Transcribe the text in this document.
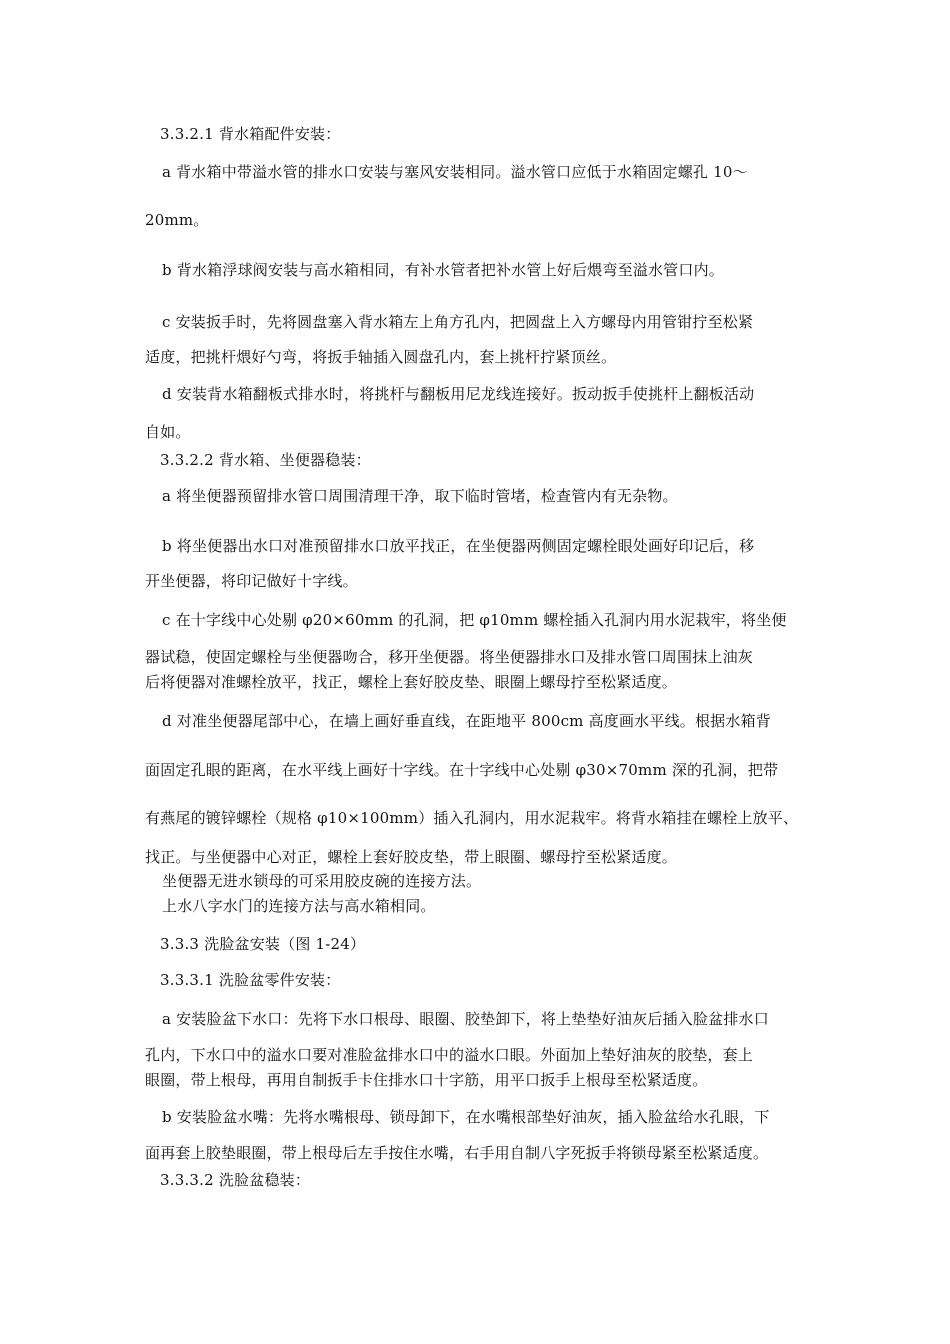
3.3.2.1 背水箱配件安装：
a 背水箱中带溢水管的排水口安装与塞风安装相同。溢水管口应低于水箱固定螺孔 10～
20mm。
b 背水箱浮球阀安装与高水箱相同，有补水管者把补水管上好后煨弯至溢水管口内。
c 安装扳手时，先将圆盘塞入背水箱左上角方孔内，把圆盘上入方螺母内用管钳拧至松紧
适度，把挑杆煨好勺弯，将扳手轴插入圆盘孔内，套上挑杆拧紧顶丝。
d 安装背水箱翻板式排水时，将挑杆与翻板用尼龙线连接好。扳动扳手使挑杆上翻板活动
自如。
3.3.2.2 背水箱、坐便器稳装：
a 将坐便器预留排水管口周围清理干净，取下临时管堵，检查管内有无杂物。
b 将坐便器出水口对准预留排水口放平找正，在坐便器两侧固定螺栓眼处画好印记后，移
开坐便器，将印记做好十字线。
c 在十字线中心处剔 φ20×60mm 的孔洞，把 φ10mm 螺栓插入孔洞内用水泥栽牢，将坐便
器试稳，使固定螺栓与坐便器吻合，移开坐便器。将坐便器排水口及排水管口周围抹上油灰
后将便器对准螺栓放平，找正，螺栓上套好胶皮垫、眼圈上螺母拧至松紧适度。
d 对准坐便器尾部中心，在墙上画好垂直线，在距地平 800cm 高度画水平线。根据水箱背
面固定孔眼的距离，在水平线上画好十字线。在十字线中心处剔 φ30×70mm 深的孔洞，把带
有燕尾的镀锌螺栓（规格 φ10×100mm）插入孔洞内，用水泥栽牢。将背水箱挂在螺栓上放平、
找正。与坐便器中心对正，螺栓上套好胶皮垫，带上眼圈、螺母拧至松紧适度。
坐便器无进水锁母的可采用胶皮碗的连接方法。
上水八字水门的连接方法与高水箱相同。
3.3.3 洗脸盆安装（图 1-24）
3.3.3.1 洗脸盆零件安装：
a 安装脸盆下水口：先将下水口根母、眼圈、胶垫卸下，将上垫垫好油灰后插入脸盆排水口
孔内，下水口中的溢水口要对准脸盆排水口中的溢水口眼。外面加上垫好油灰的胶垫，套上
眼圈，带上根母，再用自制扳手卡住排水口十字筋，用平口扳手上根母至松紧适度。
b 安装脸盆水嘴：先将水嘴根母、锁母卸下，在水嘴根部垫好油灰，插入脸盆给水孔眼，下
面再套上胶垫眼圈，带上根母后左手按住水嘴，右手用自制八字死扳手将锁母紧至松紧适度。
3.3.3.2 洗脸盆稳装：
